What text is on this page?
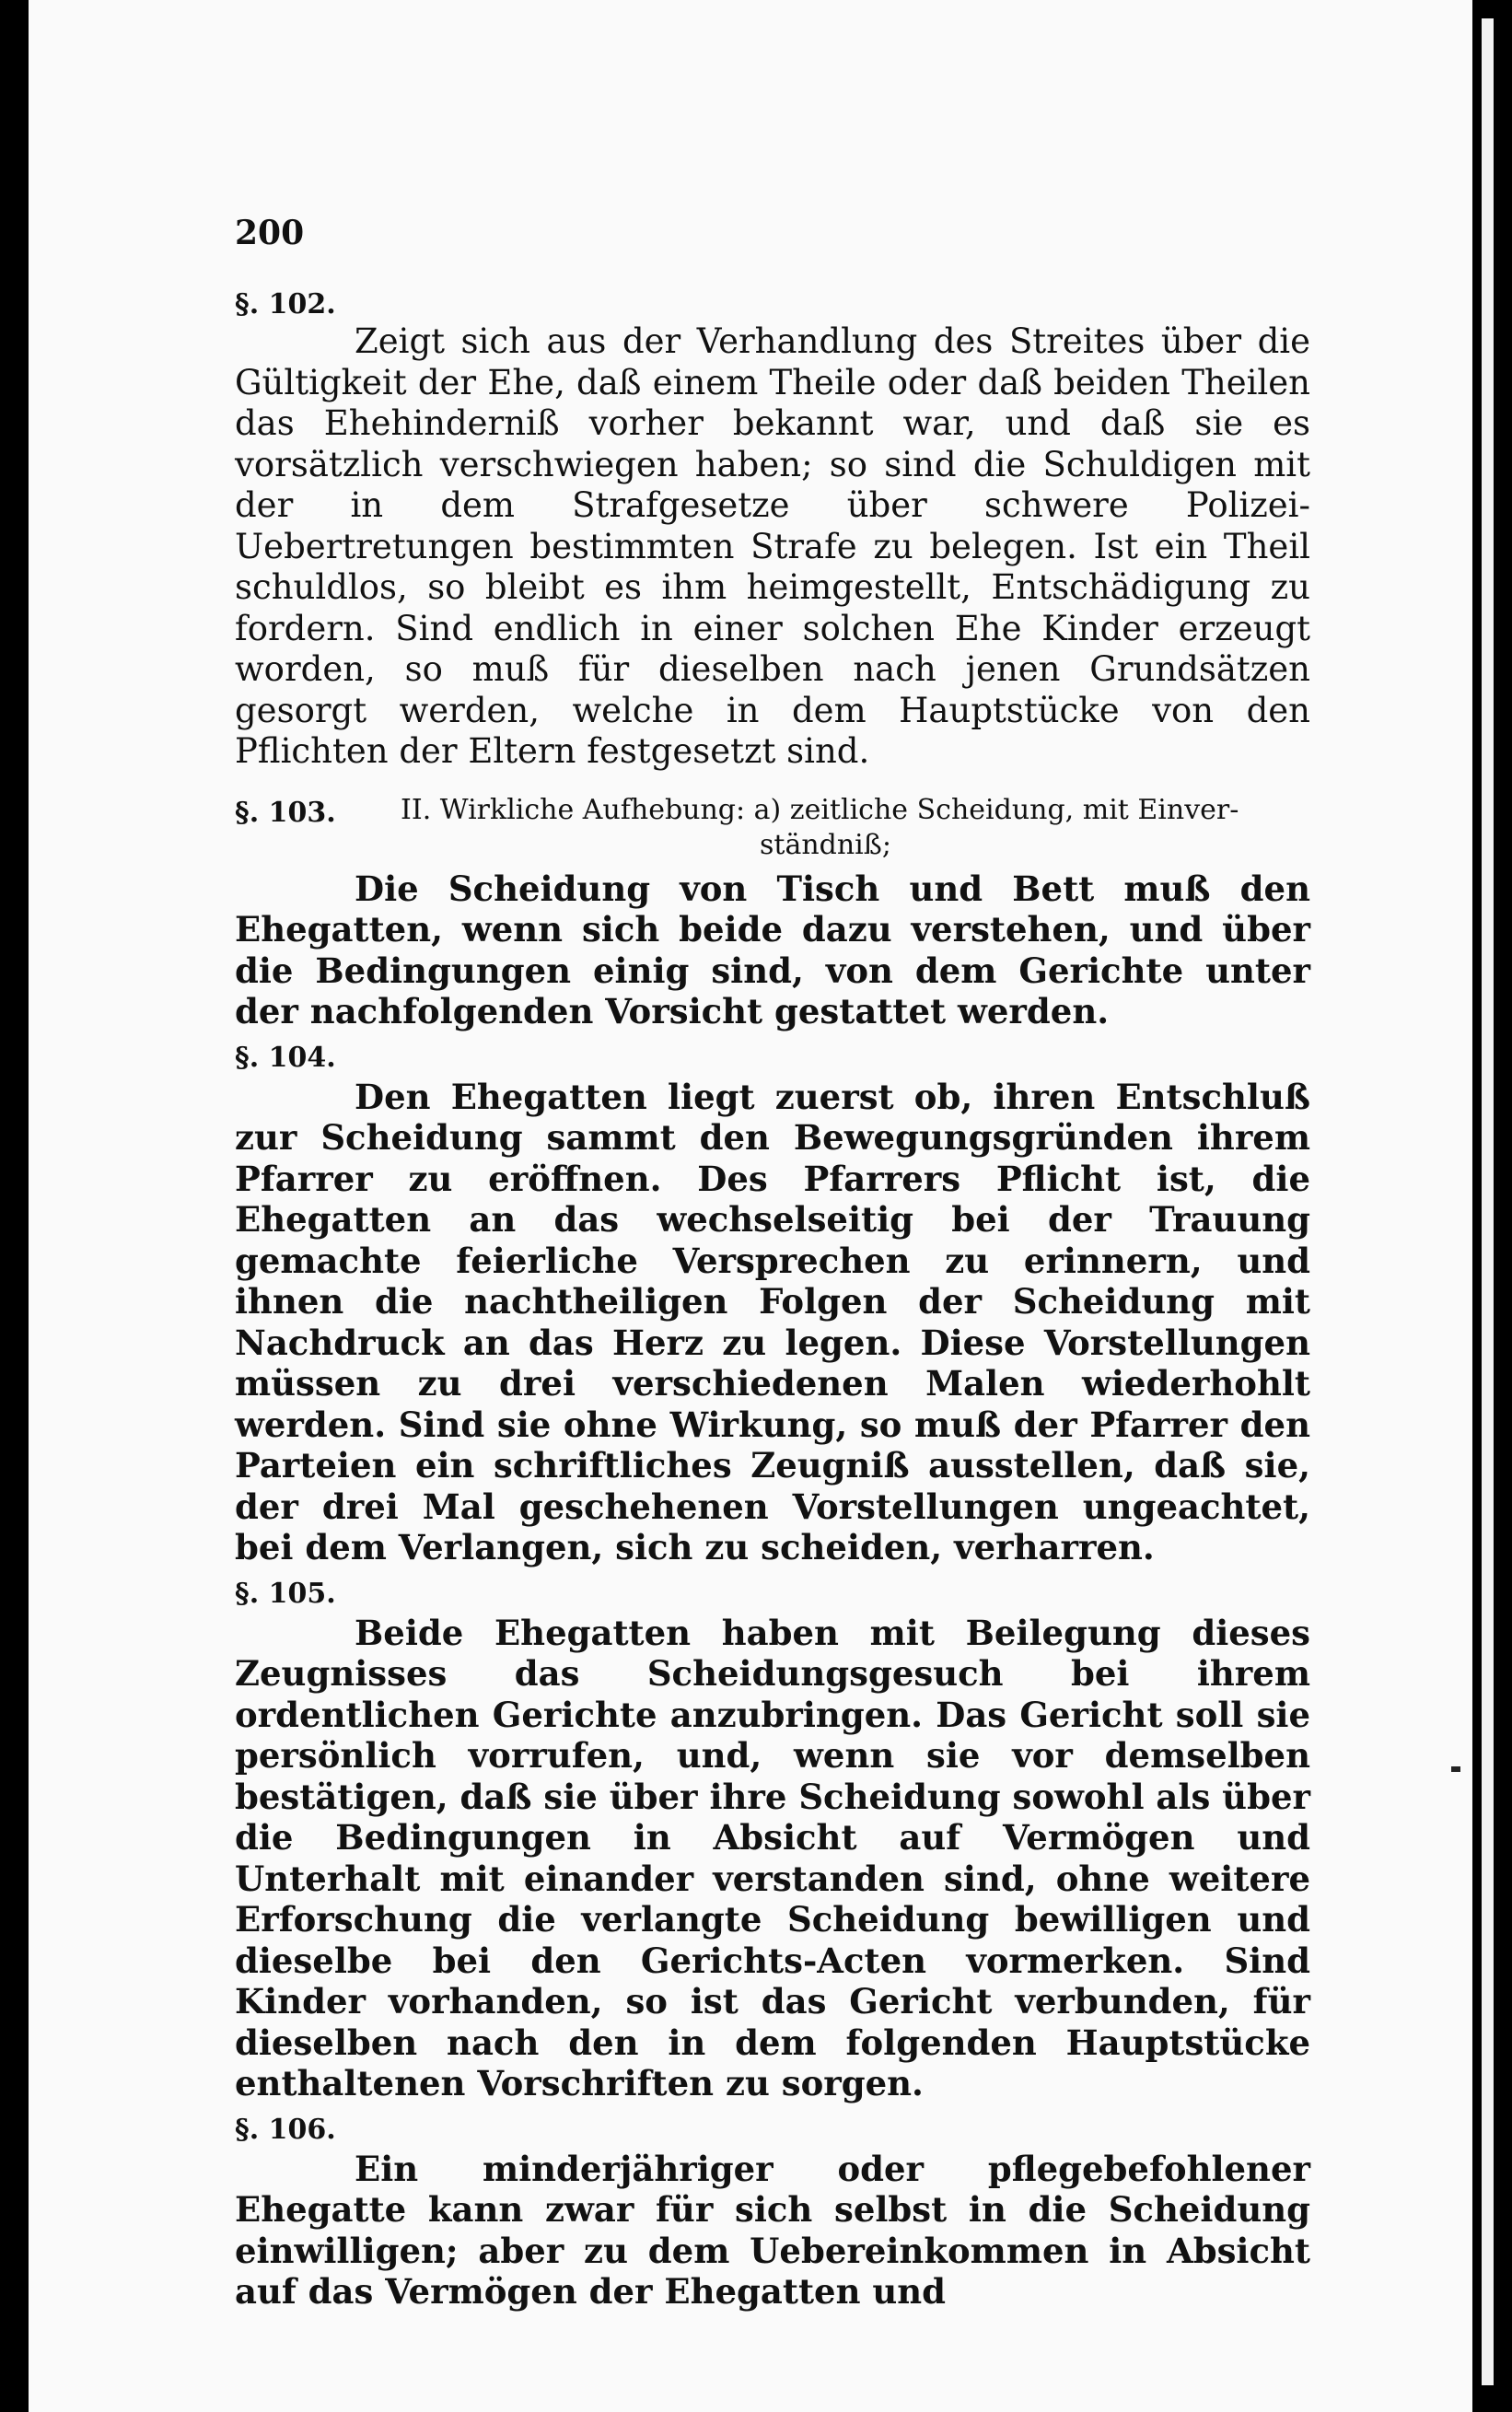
200
§. 102.

Zeigt sich aus der Verhandlung des Streites über die Gültigkeit der Ehe, daß einem Theile oder daß beiden Theilen das Ehehinderniß vorher bekannt war, und daß sie es vorsätzlich verschwiegen haben; so sind die Schuldigen mit der in dem Strafgesetze über schwere Polizei-Uebertretungen bestimmten Strafe zu belegen. Ist ein Theil schuldlos, so bleibt es ihm heimgestellt, Entschädigung zu fordern. Sind endlich in einer solchen Ehe Kinder erzeugt worden, so muß für dieselben nach jenen Grundsätzen gesorgt werden, welche in dem Hauptstücke von den Pflichten der Eltern festgesetzt sind.

§. 103.	II. Wirkliche Aufhebung: a) zeitliche Scheidung, mit Einver-
ständniß;

Die Scheidung von Tisch und Bett muß den Ehegatten, wenn sich beide dazu verstehen, und über die Bedingungen einig sind, von dem Gerichte unter der nachfolgenden Vorsicht gestattet werden.

§. 104.

Den Ehegatten liegt zuerst ob, ihren Entschluß zur Scheidung sammt den Bewegungsgründen ihrem Pfarrer zu eröffnen. Des Pfarrers Pflicht ist, die Ehegatten an das wechselseitig bei der Trauung gemachte feierliche Versprechen zu erinnern, und ihnen die nachtheiligen Folgen der Scheidung mit Nachdruck an das Herz zu legen. Diese Vorstellungen müssen zu drei verschiedenen Malen wiederhohlt werden. Sind sie ohne Wirkung, so muß der Pfarrer den Parteien ein schriftliches Zeugniß ausstellen, daß sie, der drei Mal geschehenen Vorstellungen ungeachtet, bei dem Verlangen, sich zu scheiden, verharren.

§. 105.

Beide Ehegatten haben mit Beilegung dieses Zeugnisses das Scheidungsgesuch bei ihrem ordentlichen Gerichte anzubringen. Das Gericht soll sie persönlich vorrufen, und, wenn sie vor demselben bestätigen, daß sie über ihre Scheidung sowohl als über die Bedingungen in Absicht auf Vermögen und Unterhalt mit einander verstanden sind, ohne weitere Erforschung die verlangte Scheidung bewilligen und dieselbe bei den Gerichts-Acten vormerken. Sind Kinder vorhanden, so ist das Gericht verbunden, für dieselben nach den in dem folgenden Hauptstücke enthaltenen Vorschriften zu sorgen.

§. 106.

Ein minderjähriger oder pflegebefohlener Ehegatte kann zwar für sich selbst in die Scheidung einwilligen; aber zu dem Uebereinkommen in Absicht auf das Vermögen der Ehegatten und
